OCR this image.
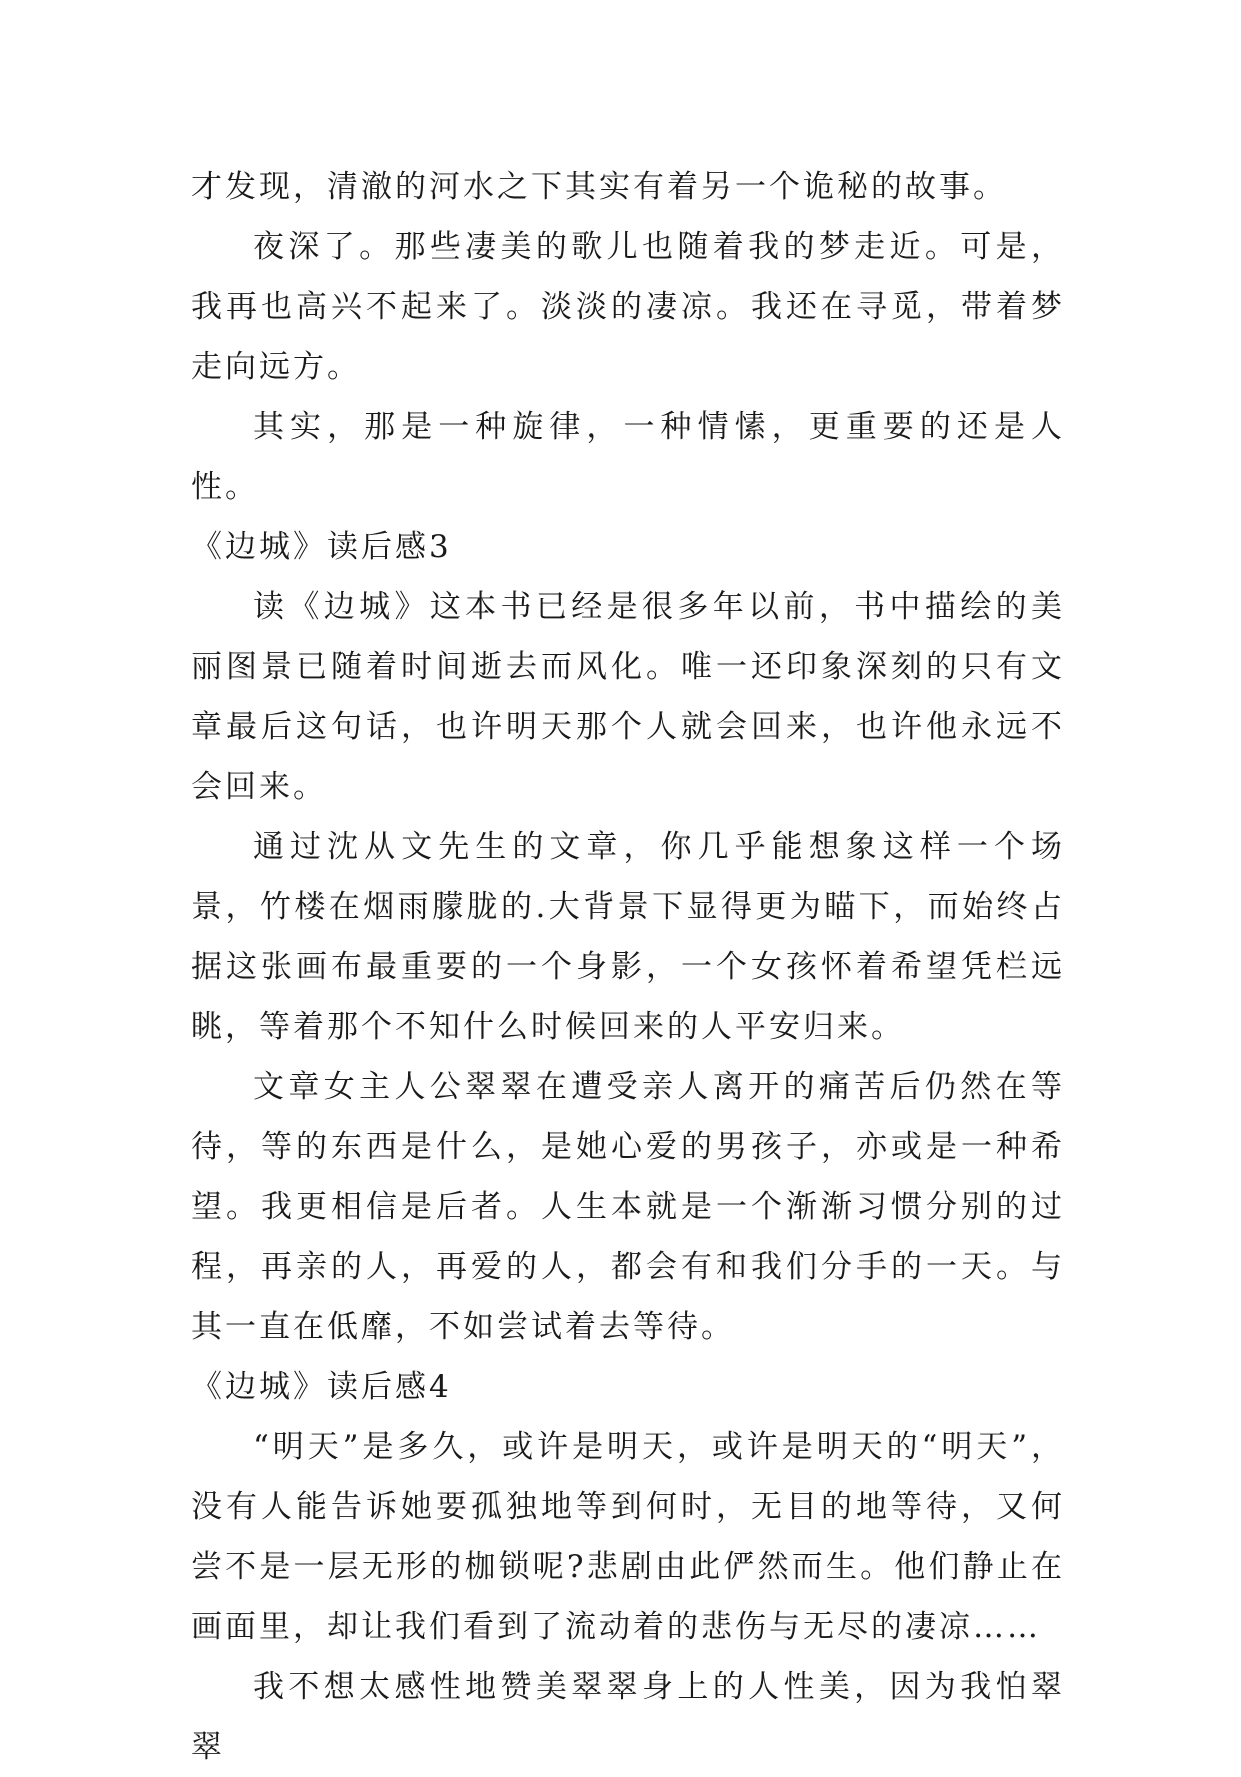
才发现，清澈的河水之下其实有着另一个诡秘的故事。

夜深了。那些凄美的歌儿也随着我的梦走近。可是，我再也高兴不起来了。淡淡的凄凉。我还在寻觅，带着梦走向远方。

其实，那是一种旋律，一种情愫，更重要的还是人性。

《边城》读后感3

读《边城》这本书已经是很多年以前，书中描绘的美丽图景已随着时间逝去而风化。唯一还印象深刻的只有文章最后这句话，也许明天那个人就会回来，也许他永远不会回来。

通过沈从文先生的文章，你几乎能想象这样一个场景，竹楼在烟雨朦胧的.大背景下显得更为瞄下，而始终占据这张画布最重要的一个身影，一个女孩怀着希望凭栏远眺，等着那个不知什么时候回来的人平安归来。

文章女主人公翠翠在遭受亲人离开的痛苦后仍然在等待，等的东西是什么，是她心爱的男孩子，亦或是一种希望。我更相信是后者。人生本就是一个渐渐习惯分别的过程，再亲的人，再爱的人，都会有和我们分手的一天。与其一直在低靡，不如尝试着去等待。

《边城》读后感4

“明天”是多久，或许是明天，或许是明天的“明天”，没有人能告诉她要孤独地等到何时，无目的地等待，又何尝不是一层无形的枷锁呢?悲剧由此俨然而生。他们静止在画面里，却让我们看到了流动着的悲伤与无尽的凄凉……

我不想太感性地赞美翠翠身上的人性美，因为我怕翠翠
